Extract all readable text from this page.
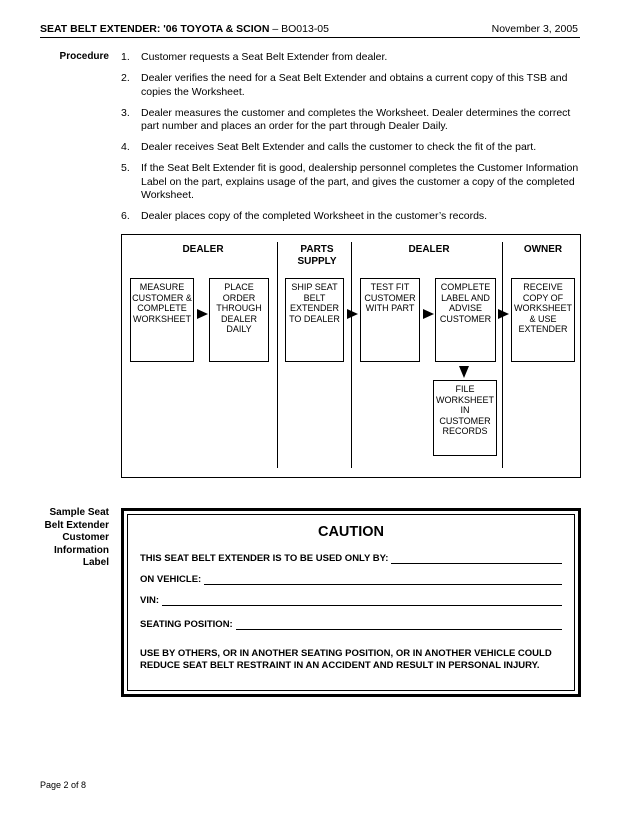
SEAT BELT EXTENDER: '06 TOYOTA & SCION – BO013-05	November 3, 2005
Procedure 1. Customer requests a Seat Belt Extender from dealer.
2. Dealer verifies the need for a Seat Belt Extender and obtains a current copy of this TSB and copies the Worksheet.
3. Dealer measures the customer and completes the Worksheet. Dealer determines the correct part number and places an order for the part through Dealer Daily.
4. Dealer receives Seat Belt Extender and calls the customer to check the fit of the part.
5. If the Seat Belt Extender fit is good, dealership personnel completes the Customer Information Label on the part, explains usage of the part, and gives the customer a copy of the completed Worksheet.
6. Dealer places copy of the completed Worksheet in the customer’s records.
DEALER	PARTS SUPPLY
DEALER	OWNER
MEASURE CUSTOMER & COMPLETE WORKSHEET
PLACE ORDER THROUGH DEALER DAILY
SHIP SEAT BELT EXTENDER TO DEALER
TEST FIT CUSTOMER WITH PART
COMPLETE LABEL AND ADVISE CUSTOMER
RECEIVE COPY OF WORKSHEET & USE EXTENDER
FILE WORKSHEET IN CUSTOMER RECORDS
Sample Seat Belt Extender Customer Information Label
CAUTION
THIS SEAT BELT EXTENDER IS TO BE USED ONLY BY:
ON VEHICLE:
VIN:
SEATING POSITION:
USE BY OTHERS, OR IN ANOTHER SEATING POSITION, OR IN ANOTHER VEHICLE COULD REDUCE SEAT BELT RESTRAINT IN AN ACCIDENT AND RESULT IN PERSONAL INJURY.
Page 2 of 8
